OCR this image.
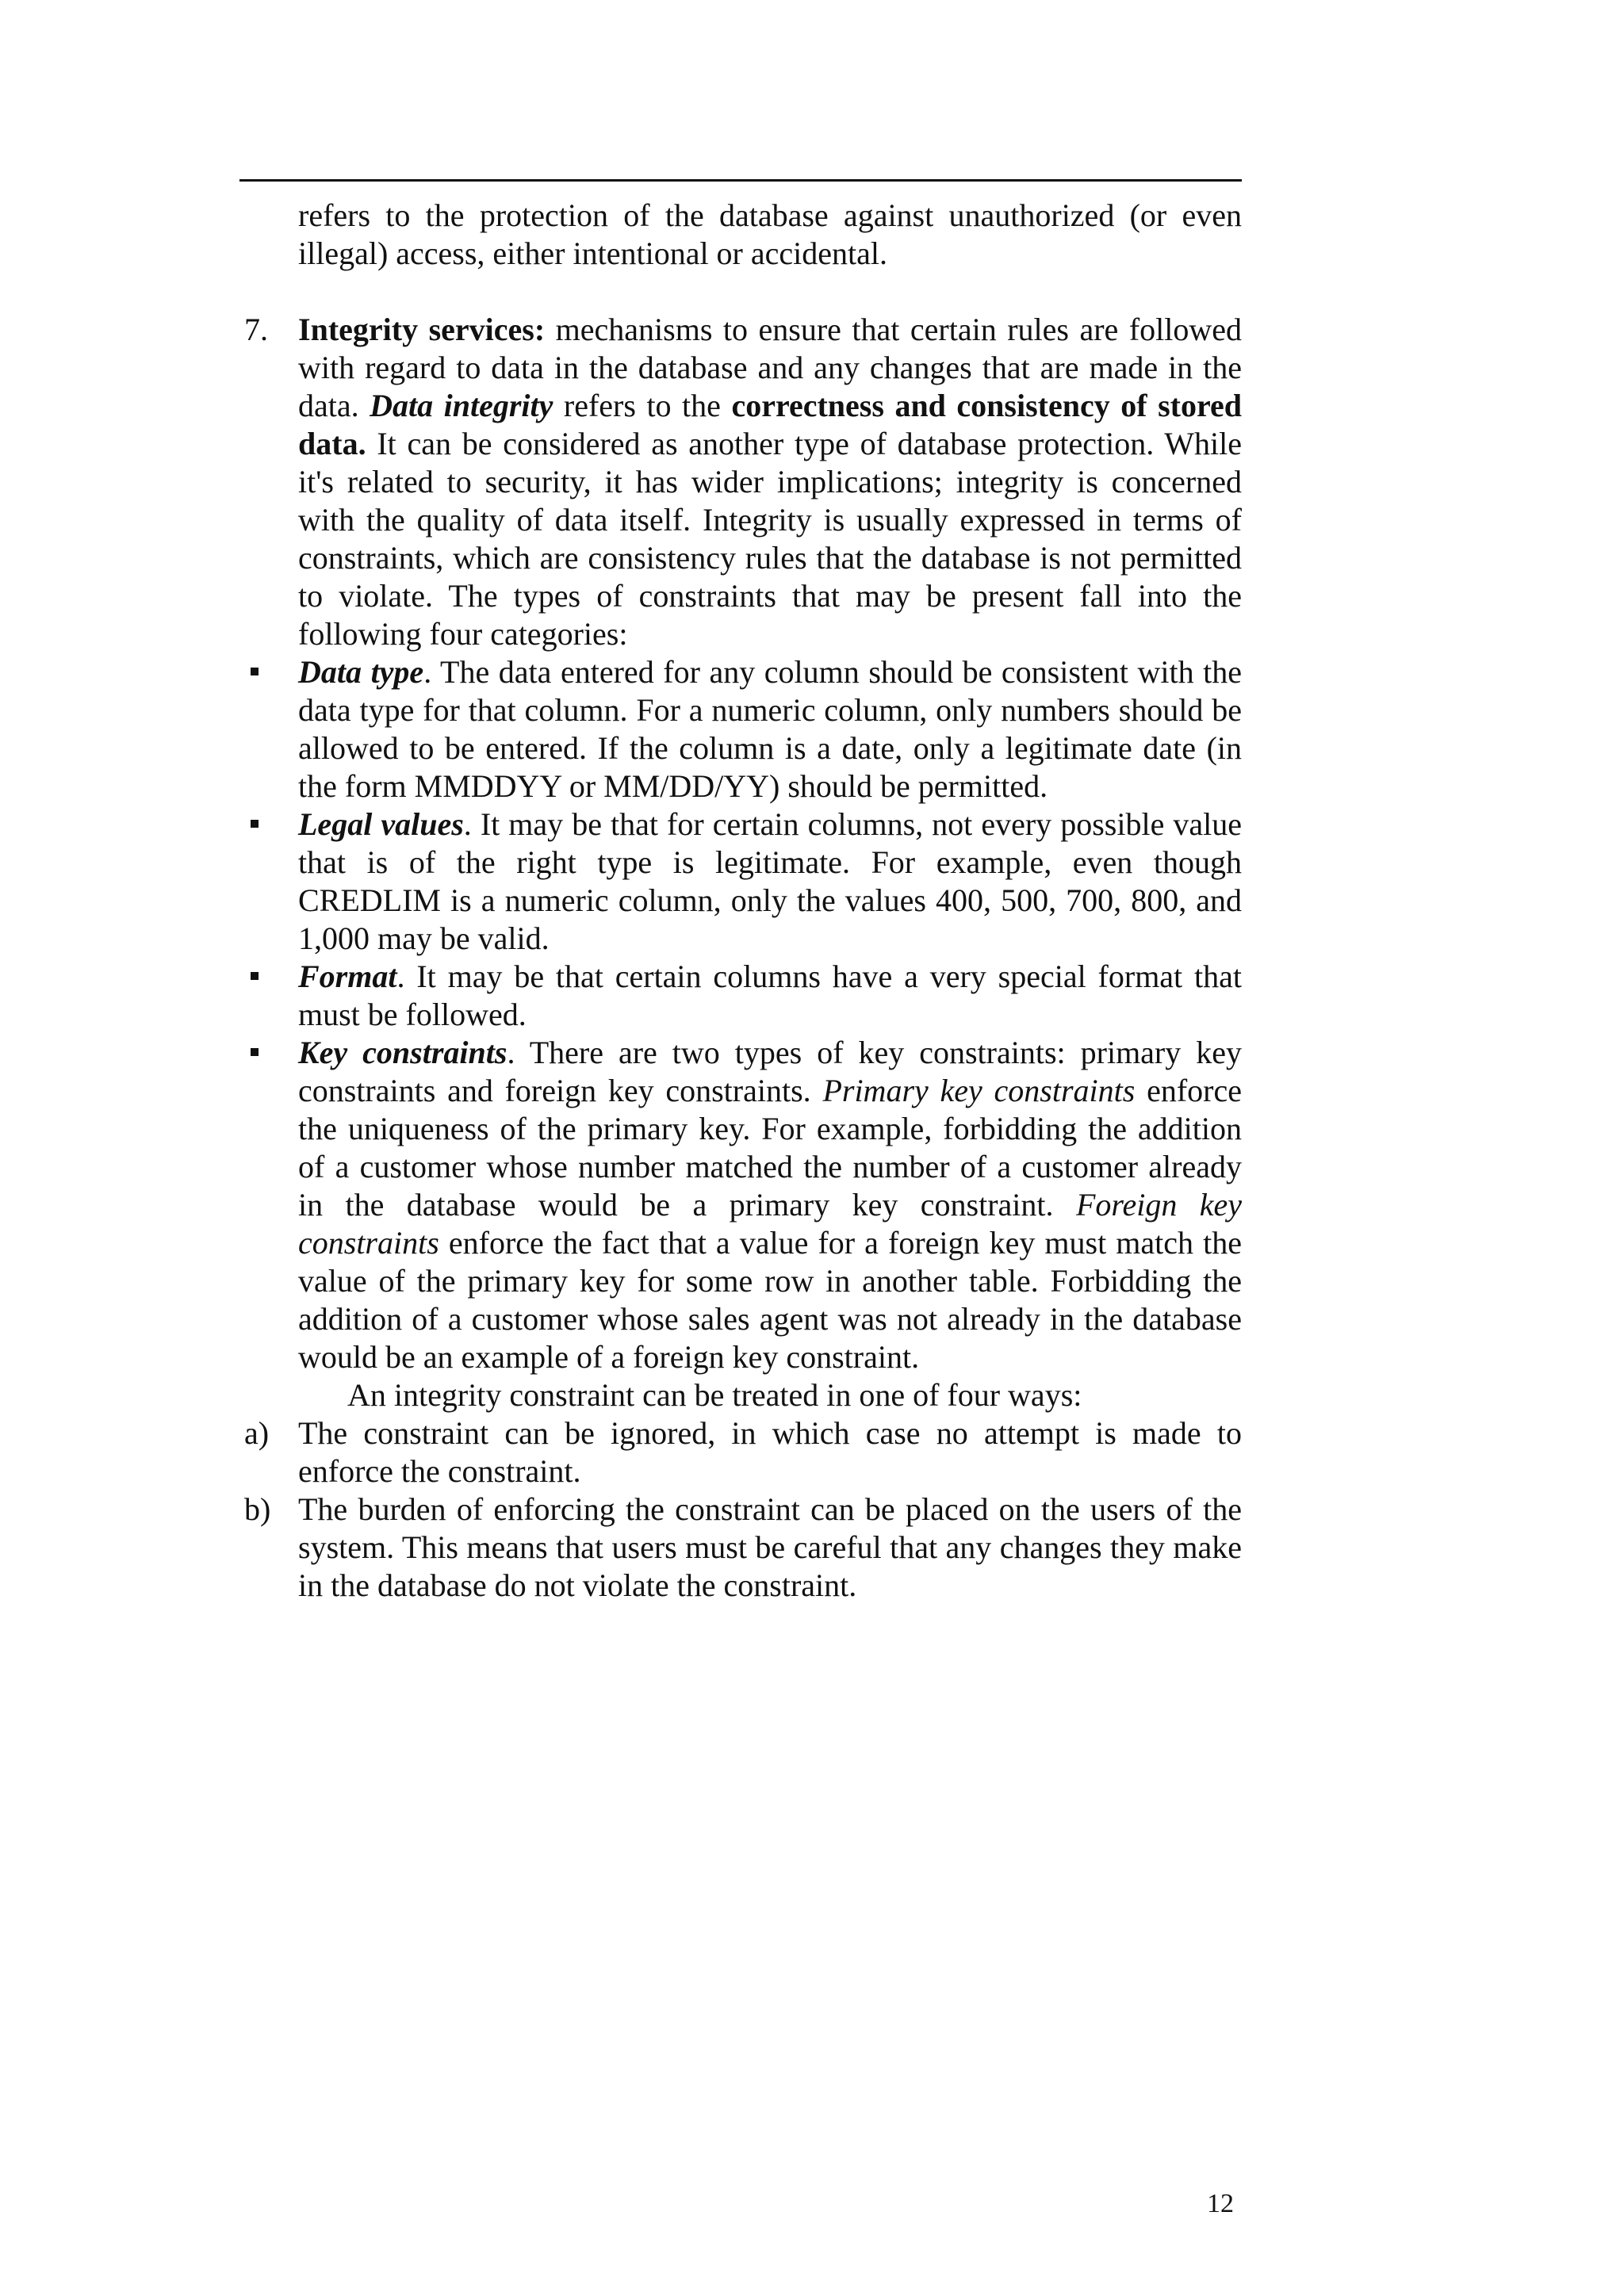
refers to the protection of the database against unauthorized (or even illegal) access, either intentional or accidental.
7. Integrity services: mechanisms to ensure that certain rules are followed with regard to data in the database and any changes that are made in the data. Data integrity refers to the correctness and consistency of stored data. It can be considered as another type of database protection. While it's related to security, it has wider implications; integrity is concerned with the quality of data itself. Integrity is usually expressed in terms of constraints, which are consistency rules that the database is not permitted to violate. The types of constraints that may be present fall into the following four categories:
Data type. The data entered for any column should be consistent with the data type for that column. For a numeric column, only numbers should be allowed to be entered. If the column is a date, only a legitimate date (in the form MMDDYY or MM/DD/YY) should be permitted.
Legal values. It may be that for certain columns, not every possible value that is of the right type is legitimate. For example, even though CREDLIM is a numeric column, only the values 400, 500, 700, 800, and 1,000 may be valid.
Format. It may be that certain columns have a very special format that must be followed.
Key constraints. There are two types of key constraints: primary key constraints and foreign key constraints. Primary key constraints enforce the uniqueness of the primary key. For example, forbidding the addition of a customer whose number matched the number of a customer already in the database would be a primary key constraint. Foreign key constraints enforce the fact that a value for a foreign key must match the value of the primary key for some row in another table. Forbidding the addition of a customer whose sales agent was not already in the database would be an example of a foreign key constraint.
An integrity constraint can be treated in one of four ways:
a) The constraint can be ignored, in which case no attempt is made to enforce the constraint.
b) The burden of enforcing the constraint can be placed on the users of the system. This means that users must be careful that any changes they make in the database do not violate the constraint.
12
